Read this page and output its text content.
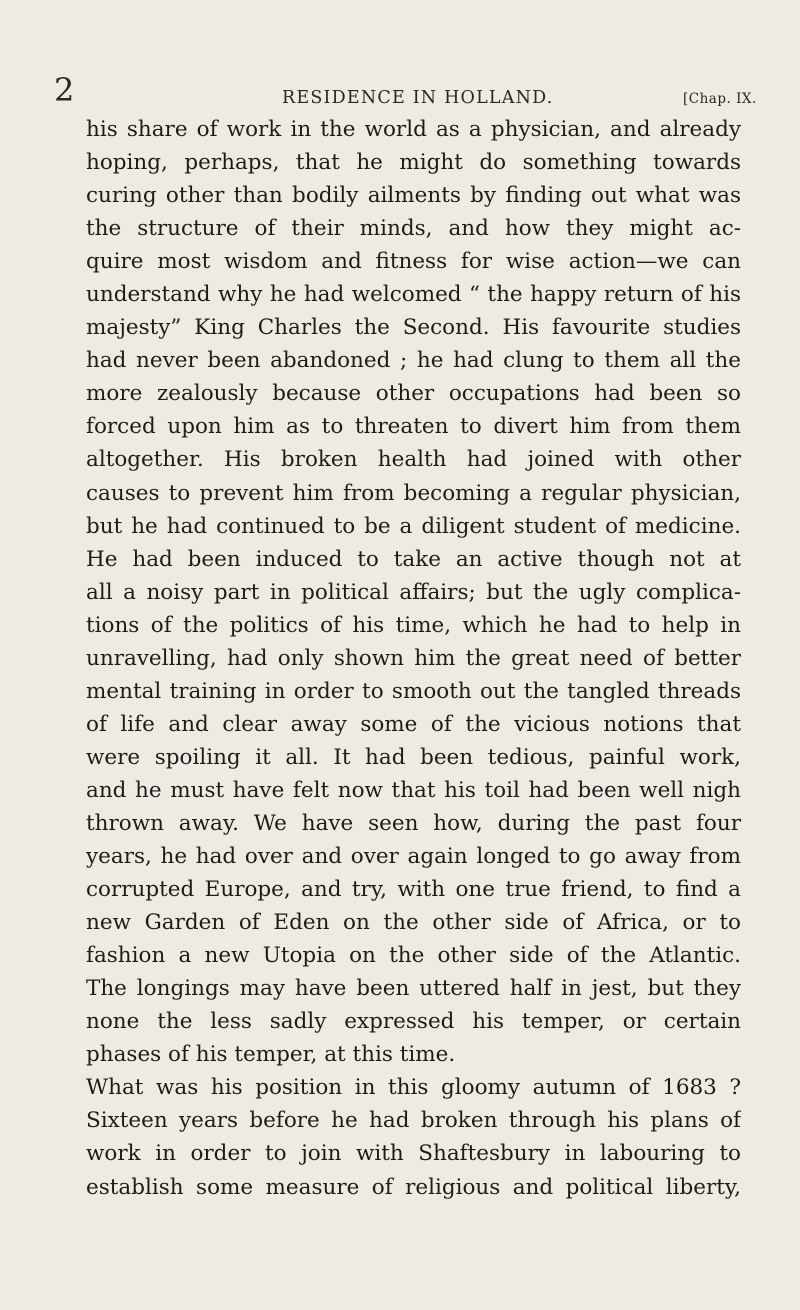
2	RESIDENCE IN HOLLAND.	[Chap. IX.
his share of work in the world as a physician, and already
hoping, perhaps, that he might do something towards
curing other than bodily ailments by finding out what was
the structure of their minds, and how they might ac-
quire most wisdom and fitness for wise action—we can
understand why he had welcomed “ the happy return of his
majesty” King Charles the Second. His favourite studies
had never been abandoned ; he had clung to them all the
more zealously because other occupations had been so
forced upon him as to threaten to divert him from them
altogether. His broken health had joined with other
causes to prevent him from becoming a regular physician,
but he had continued to be a diligent student of medicine.
He had been induced to take an active though not at
all a noisy part in political affairs; but the ugly complica-
tions of the politics of his time, which he had to help in
unravelling, had only shown him the great need of better
mental training in order to smooth out the tangled threads
of life and clear away some of the vicious notions that
were spoiling it all. It had been tedious, painful work,
and he must have felt now that his toil had been well nigh
thrown away. We have seen how, during the past four
years, he had over and over again longed to go away from
corrupted Europe, and try, with one true friend, to find a
new Garden of Eden on the other side of Africa, or to
fashion a new Utopia on the other side of the Atlantic.
The longings may have been uttered half in jest, but they
none the less sadly expressed his temper, or certain
phases of his temper, at this time.
What was his position in this gloomy autumn of 1683 ?
Sixteen years before he had broken through his plans of
work in order to join with Shaftesbury in labouring to
establish some measure of religious and political liberty,
